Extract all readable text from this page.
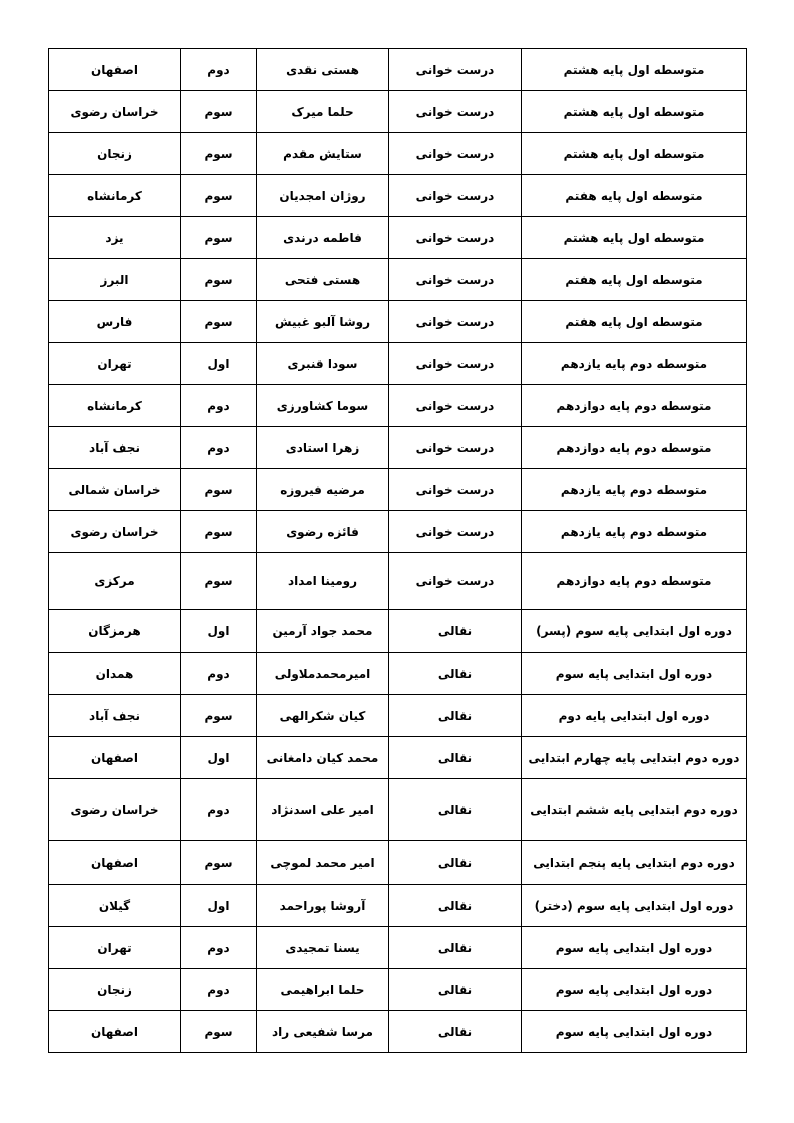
متوسطه اول پایه هشتم	درست خوانی	هستی نقدی	دوم	اصفهان
متوسطه اول پایه هشتم	درست خوانی	حلما میرک	سوم	خراسان رضوی
متوسطه اول پایه هشتم	درست خوانی	ستایش مقدم	سوم	زنجان
متوسطه اول پایه هفتم	درست خوانی	روژان امجدیان	سوم	کرمانشاه
متوسطه اول پایه هشتم	درست خوانی	فاطمه درندی	سوم	یزد
متوسطه اول پایه هفتم	درست خوانی	هستی فتحی	سوم	البرز
متوسطه اول پایه هفتم	درست خوانی	روشا آلبو غبیش	سوم	فارس
متوسطه دوم پایه یازدهم	درست خوانی	سودا قنبری	اول	تهران
متوسطه دوم پایه دوازدهم	درست خوانی	سوما کشاورزی	دوم	کرمانشاه
متوسطه دوم پایه دوازدهم	درست خوانی	زهرا استادی	دوم	نجف آباد
متوسطه دوم پایه یازدهم	درست خوانی	مرضیه فیروزه	سوم	خراسان شمالی
متوسطه دوم پایه یازدهم	درست خوانی	فائزه رضوی	سوم	خراسان رضوی
متوسطه دوم پایه دوازدهم	درست خوانی	رومینا امداد	سوم	مرکزی
دوره اول ابتدایی پایه سوم (پسر)	نقالی	محمد جواد آرمین	اول	هرمزگان
دوره اول ابتدایی پایه سوم	نقالی	امیرمحمدملاولی	دوم	همدان
دوره اول ابتدایی پایه دوم	نقالی	کیان شکرالهی	سوم	نجف آباد
دوره دوم ابتدایی پایه چهارم ابتدایی	نقالی	محمد کیان دامغانی	اول	اصفهان
دوره دوم ابتدایی پایه ششم ابتدایی	نقالی	امیر علی اسدنژاد	دوم	خراسان رضوی
دوره دوم ابتدایی پایه پنجم ابتدایی	نقالی	امیر محمد لموچی	سوم	اصفهان
دوره اول ابتدایی پایه سوم (دختر)	نقالی	آروشا پوراحمد	اول	گیلان
دوره اول ابتدایی پایه سوم	نقالی	یسنا تمجیدی	دوم	تهران
دوره اول ابتدایی پایه سوم	نقالی	حلما ابراهیمی	دوم	زنجان
دوره اول ابتدایی پایه سوم	نقالی	مرسا شفیعی راد	سوم	اصفهان
